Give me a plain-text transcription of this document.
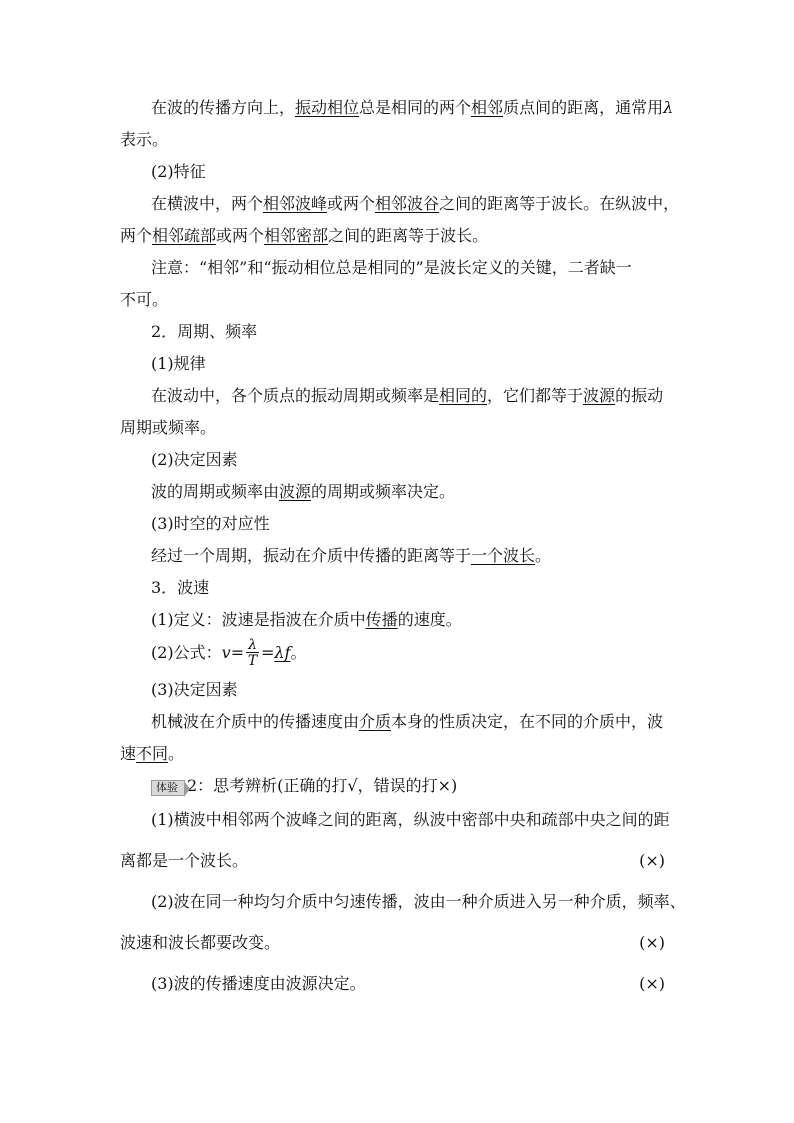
在波的传播方向上，振动相位总是相同的两个相邻质点间的距离，通常用λ
表示。
(2)特征
在横波中，两个相邻波峰或两个相邻波谷之间的距离等于波长。在纵波中，
两个相邻疏部或两个相邻密部之间的距离等于波长。
注意：“相邻”和“振动相位总是相同的”是波长定义的关键，二者缺一
不可。
2．周期、频率
(1)规律
在波动中，各个质点的振动周期或频率是相同的，它们都等于波源的振动
周期或频率。
(2)决定因素
波的周期或频率由波源的周期或频率决定。
(3)时空的对应性
经过一个周期，振动在介质中传播的距离等于一个波长。
3．波速
(1)定义：波速是指波在介质中传播的速度。
(2)公式：$v= \frac{\lambda}{T} =\lambda f$。
(3)决定因素
机械波在介质中的传播速度由介质本身的性质决定，在不同的介质中，波
速不同。
体验 2：思考辨析(正确的打√，错误的打×)
(1)横波中相邻两个波峰之间的距离，纵波中密部中央和疏部中央之间的距
离都是一个波长。	(×)
(2)波在同一种均匀介质中匀速传播，波由一种介质进入另一种介质，频率、
波速和波长都要改变。	(×)
(3)波的传播速度由波源决定。	(×)
